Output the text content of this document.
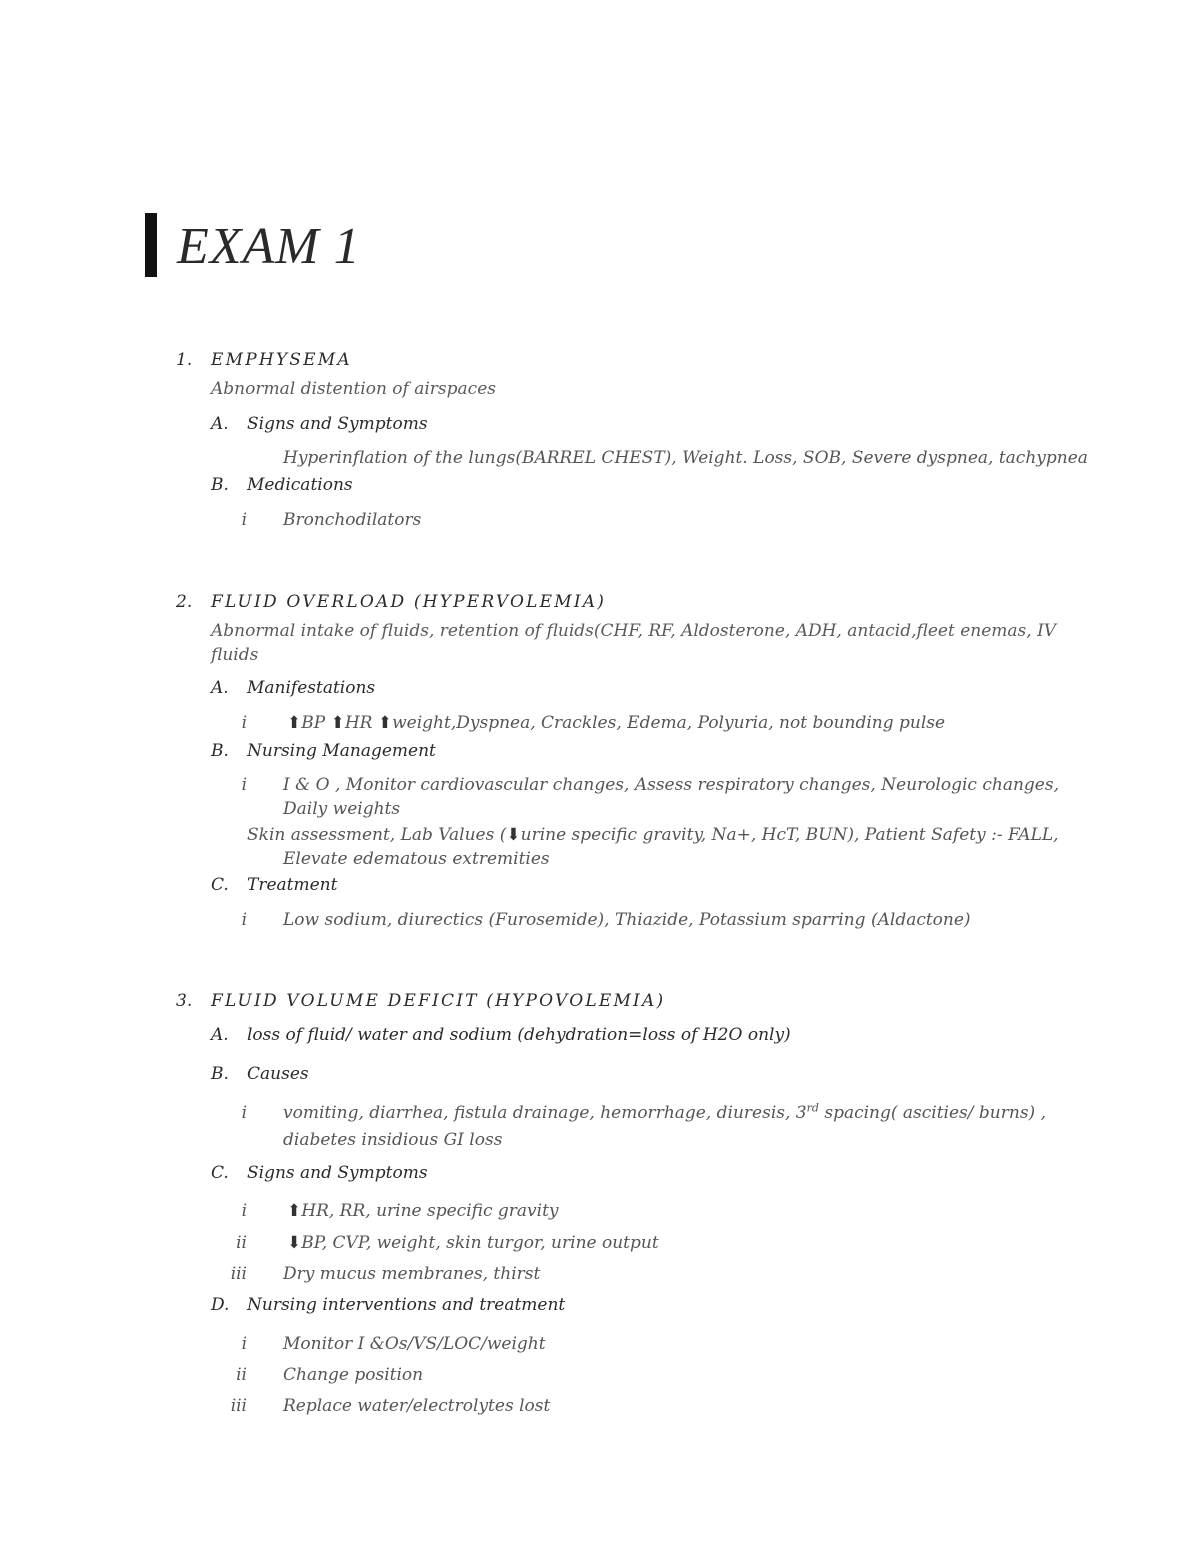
EXAM 1
1. EMPHYSEMA
Abnormal distention of airspaces
A. Signs and Symptoms
Hyperinflation of the lungs(BARREL CHEST), Weight. Loss, SOB, Severe dyspnea, tachypnea
B. Medications
i Bronchodilators
2. FLUID OVERLOAD (HYPERVOLEMIA)
Abnormal intake of fluids, retention of fluids(CHF, RF, Aldosterone, ADH, antacid,fleet enemas, IV
fluids
A. Manifestations
i ⬆BP ⬆HR ⬆weight,Dyspnea, Crackles, Edema, Polyuria, not bounding pulse
B. Nursing Management
i I & O , Monitor cardiovascular changes, Assess respiratory changes, Neurologic changes,
Daily weights
Skin assessment, Lab Values (⬇urine specific gravity, Na+, HcT, BUN), Patient Safety :- FALL,
Elevate edematous extremities
C. Treatment
i Low sodium, diurectics (Furosemide), Thiazide, Potassium sparring (Aldactone)
3. FLUID VOLUME DEFICIT (HYPOVOLEMIA)
A. loss of fluid/ water and sodium (dehydration=loss of H2O only)
B. Causes
i vomiting, diarrhea, fistula drainage, hemorrhage, diuresis, 3rd spacing( ascities/ burns) ,
diabetes insidious GI loss
C. Signs and Symptoms
i ⬆HR, RR, urine specific gravity
ii ⬇BP, CVP, weight, skin turgor, urine output
iii Dry mucus membranes, thirst
D. Nursing interventions and treatment
i Monitor I &Os/VS/LOC/weight
ii Change position
iii Replace water/electrolytes lost
